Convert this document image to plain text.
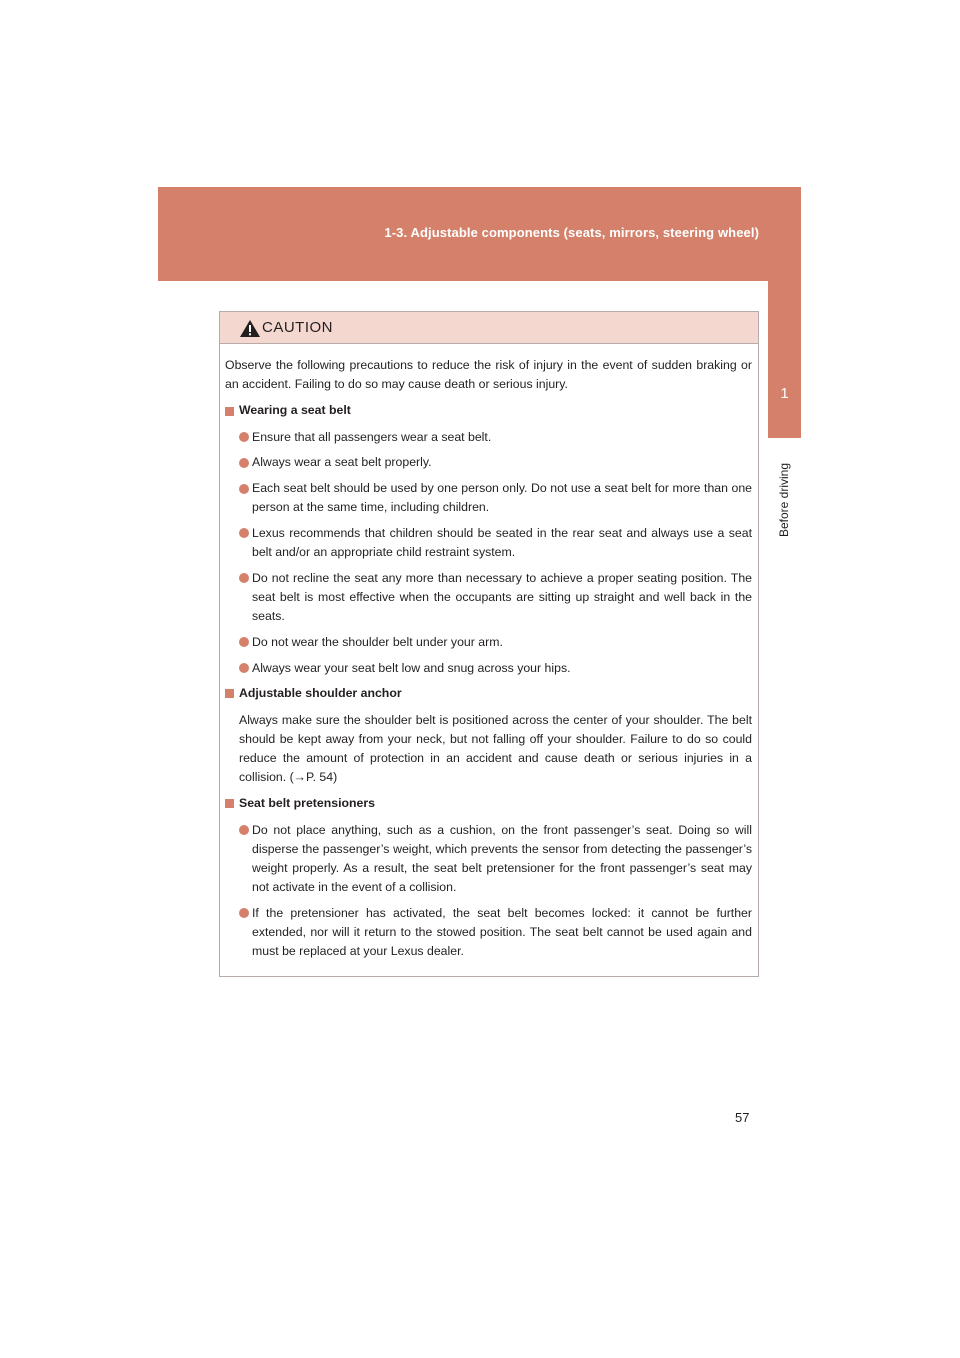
1-3. Adjustable components (seats, mirrors, steering wheel)
1
Before driving
CAUTION

Observe the following precautions to reduce the risk of injury in the event of sudden braking or an accident. Failing to do so may cause death or serious injury.

Wearing a seat belt
Ensure that all passengers wear a seat belt.
Always wear a seat belt properly.
Each seat belt should be used by one person only. Do not use a seat belt for more than one person at the same time, including children.
Lexus recommends that children should be seated in the rear seat and always use a seat belt and/or an appropriate child restraint system.
Do not recline the seat any more than necessary to achieve a proper seating position. The seat belt is most effective when the occupants are sitting up straight and well back in the seats.
Do not wear the shoulder belt under your arm.
Always wear your seat belt low and snug across your hips.
Adjustable shoulder anchor

Always make sure the shoulder belt is positioned across the center of your shoulder. The belt should be kept away from your neck, but not falling off your shoulder. Failure to do so could reduce the amount of protection in an accident and cause death or serious injuries in a collision. (→P. 54)

Seat belt pretensioners
Do not place anything, such as a cushion, on the front passenger’s seat. Doing so will disperse the passenger’s weight, which prevents the sensor from detecting the passenger’s weight properly. As a result, the seat belt pretensioner for the front passenger’s seat may not activate in the event of a collision.
If the pretensioner has activated, the seat belt becomes locked: it cannot be further extended, nor will it return to the stowed position. The seat belt cannot be used again and must be replaced at your Lexus dealer.
57
